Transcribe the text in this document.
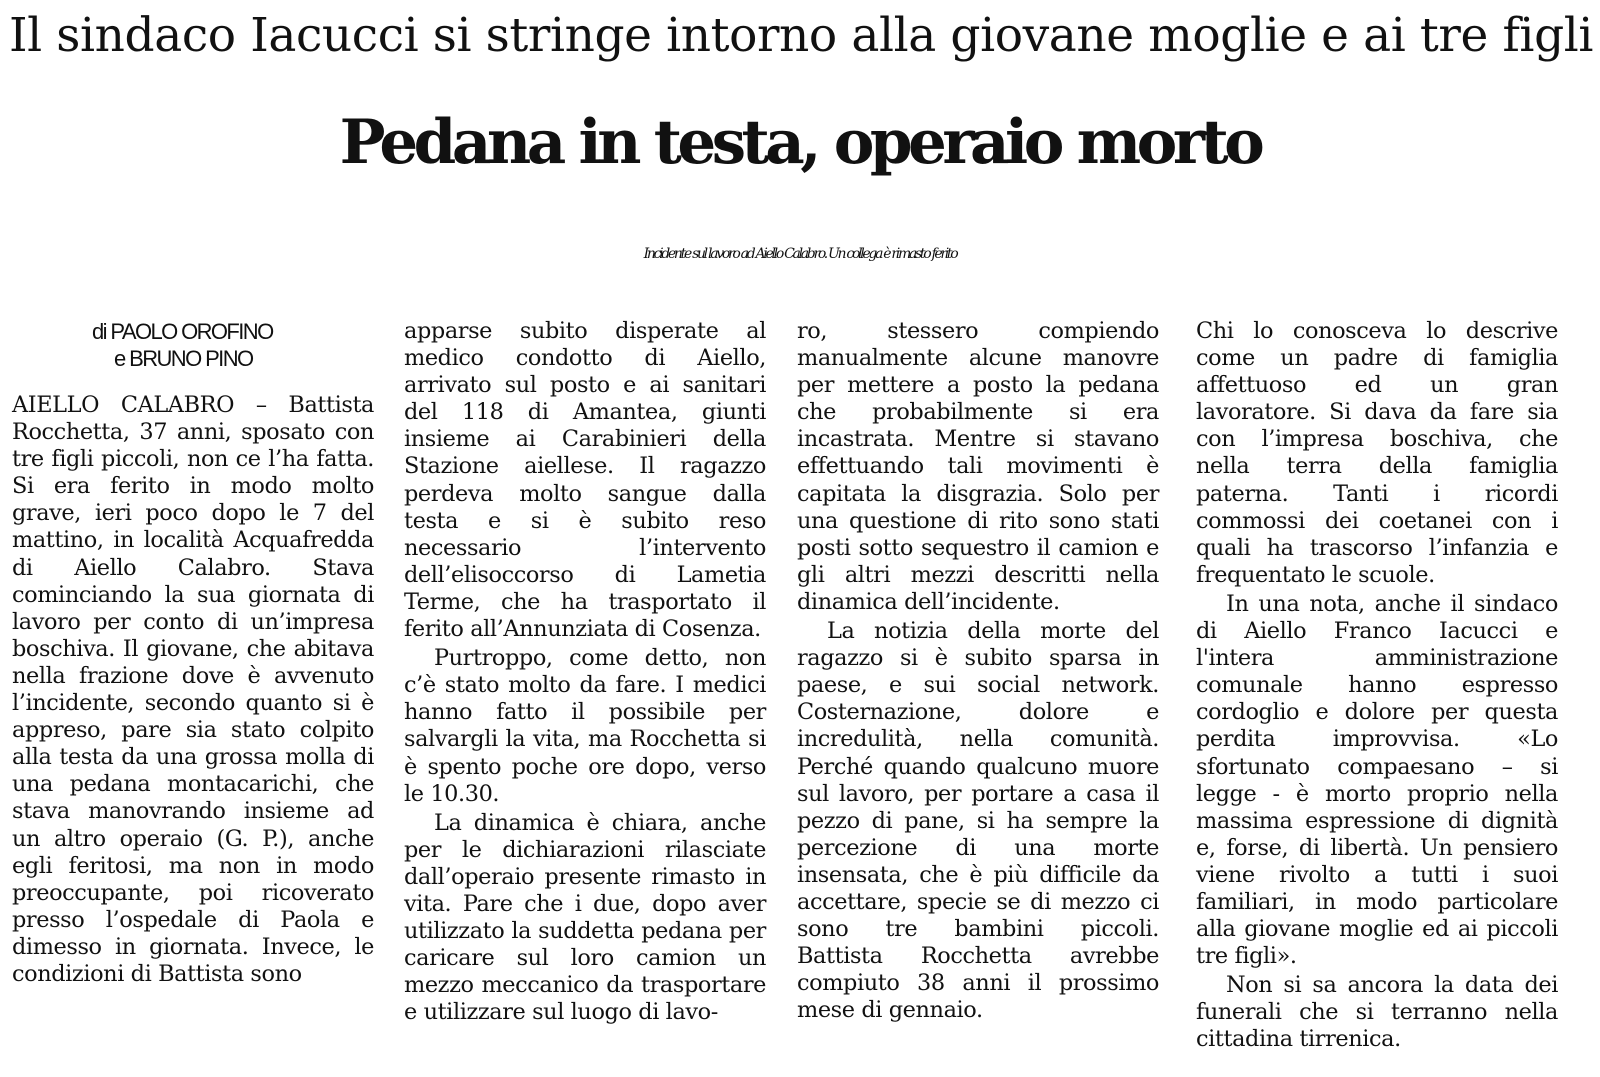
Il sindaco Iacucci si stringe intorno alla giovane moglie e ai tre figli
Pedana in testa, operaio morto
Incidente sul lavoro ad Aiello Calabro. Un collega è rimasto ferito
di PAOLO OROFINO
e BRUNO PINO

AIELLO CALABRO – Battista Rocchetta, 37 anni, sposato con tre figli piccoli, non ce l’ha fatta. Si era ferito in modo molto grave, ieri poco dopo le 7 del mattino, in località Acquafredda di Aiello Calabro. Stava cominciando la sua giornata di lavoro per conto di un’impresa boschiva. Il giovane, che abitava nella frazione dove è avvenuto l’incidente, secondo quanto si è appreso, pare sia stato colpito alla testa da una grossa molla di una pedana montacarichi, che stava manovrando insieme ad un altro operaio (G. P.), anche egli feritosi, ma non in modo preoccupante, poi ricoverato presso l’ospedale di Paola e dimesso in giornata. Invece, le condizioni di Battista sono

apparse subito disperate al medico condotto di Aiello, arrivato sul posto e ai sanitari del 118 di Amantea, giunti insieme ai Carabinieri della Stazione aiellese. Il ragazzo perdeva molto sangue dalla testa e si è subito reso necessario l’intervento dell’elisoccorso di Lametia Terme, che ha trasportato il ferito all’Annunziata di Cosenza.

Purtroppo, come detto, non c’è stato molto da fare. I medici hanno fatto il possibile per salvargli la vita, ma Rocchetta si è spento poche ore dopo, verso le 10.30.

La dinamica è chiara, anche per le dichiarazioni rilasciate dall’operaio presente rimasto in vita. Pare che i due, dopo aver utilizzato la suddetta pedana per caricare sul loro camion un mezzo meccanico da trasportare e utilizzare sul luogo di lavo-

ro, stessero compiendo manualmente alcune manovre per mettere a posto la pedana che probabilmente si era incastrata. Mentre si stavano effettuando tali movimenti è capitata la disgrazia. Solo per una questione di rito sono stati posti sotto sequestro il camion e gli altri mezzi descritti nella dinamica dell’incidente.

La notizia della morte del ragazzo si è subito sparsa in paese, e sui social network. Costernazione, dolore e incredulità, nella comunità. Perché quando qualcuno muore sul lavoro, per portare a casa il pezzo di pane, si ha sempre la percezione di una morte insensata, che è più difficile da accettare, specie se di mezzo ci sono tre bambini piccoli. Battista Rocchetta avrebbe compiuto 38 anni il prossimo mese di gennaio.

Chi lo conosceva lo descrive come un padre di famiglia affettuoso ed un gran lavoratore. Si dava da fare sia con l’impresa boschiva, che nella terra della famiglia paterna. Tanti i ricordi commossi dei coetanei con i quali ha trascorso l’infanzia e frequentato le scuole.

In una nota, anche il sindaco di Aiello Franco Iacucci e l'intera amministrazione comunale hanno espresso cordoglio e dolore per questa perdita improvvisa. «Lo sfortunato compaesano – si legge - è morto proprio nella massima espressione di dignità e, forse, di libertà. Un pensiero viene rivolto a tutti i suoi familiari, in modo particolare alla giovane moglie ed ai piccoli tre figli».

Non si sa ancora la data dei funerali che si terranno nella cittadina tirrenica.
